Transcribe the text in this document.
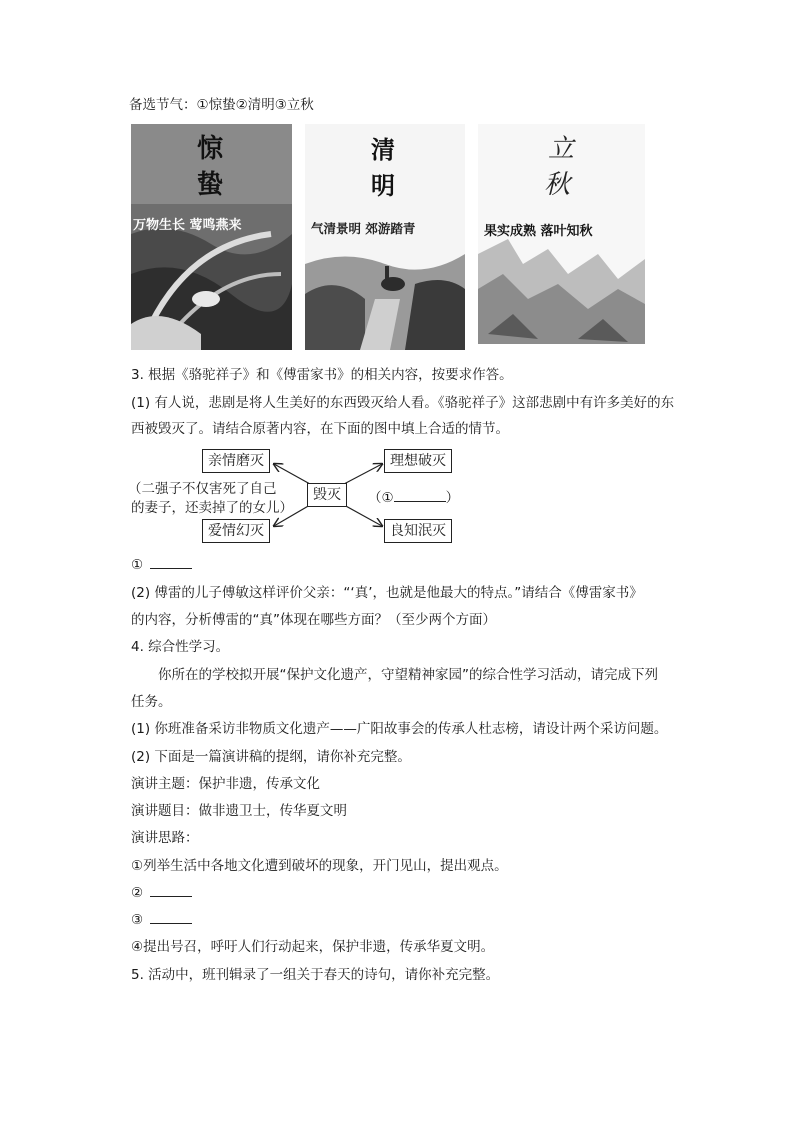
备选节气：①惊蛰②清明③立秋
惊
蛰
万物生长 莺鸣燕来
清
明
气清景明 郊游踏青
立
秋
果实成熟 落叶知秋
3. 根据《骆驼祥子》和《傅雷家书》的相关内容，按要求作答。
(1) 有人说，悲剧是将人生美好的东西毁灭给人看。《骆驼祥子》这部悲剧中有许多美好的东
西被毁灭了。请结合原著内容，在下面的图中填上合适的情节。
毁灭
亲情磨灭	理想破灭
爱情幻灭	良知泯灭
（二强子不仅害死了自己
的妻子，还卖掉了的女儿）
（①	）
①
(2) 傅雷的儿子傅敏这样评价父亲：“‘真’，也就是他最大的特点。”请结合《傅雷家书》
的内容，分析傅雷的“真”体现在哪些方面？（至少两个方面）
4. 综合性学习。
你所在的学校拟开展“保护文化遗产，守望精神家园”的综合性学习活动，请完成下列
任务。
(1) 你班准备采访非物质文化遗产——广阳故事会的传承人杜志榜，请设计两个采访问题。
(2) 下面是一篇演讲稿的提纲，请你补充完整。
演讲主题：保护非遗，传承文化
演讲题目：做非遗卫士，传华夏文明
演讲思路：
①列举生活中各地文化遭到破坏的现象，开门见山，提出观点。
②
③
④提出号召，呼吁人们行动起来，保护非遗，传承华夏文明。
5. 活动中，班刊辑录了一组关于春天的诗句，请你补充完整。
